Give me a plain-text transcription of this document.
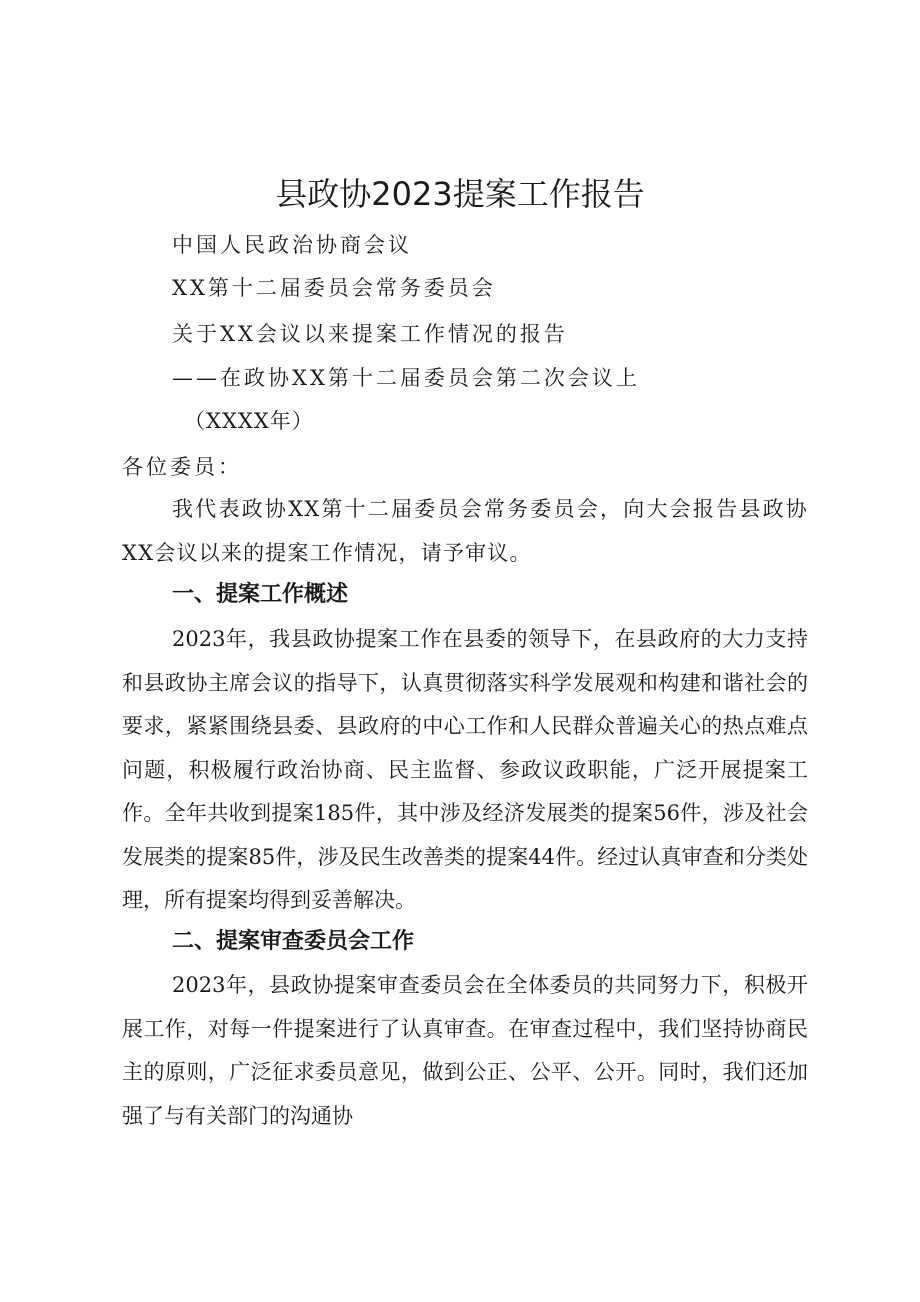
县政协2023提案工作报告

中国人民政治协商会议

XX第十二届委员会常务委员会

关于XX会议以来提案工作情况的报告

——在政协XX第十二届委员会第二次会议上

（XXXX年）

各位委员：

我代表政协XX第十二届委员会常务委员会，向大会报告县政协XX会议以来的提案工作情况，请予审议。

一、提案工作概述

2023年，我县政协提案工作在县委的领导下，在县政府的大力支持和县政协主席会议的指导下，认真贯彻落实科学发展观和构建和谐社会的要求，紧紧围绕县委、县政府的中心工作和人民群众普遍关心的热点难点问题，积极履行政治协商、民主监督、参政议政职能，广泛开展提案工作。全年共收到提案185件，其中涉及经济发展类的提案56件，涉及社会发展类的提案85件，涉及民生改善类的提案44件。经过认真审查和分类处理，所有提案均得到妥善解决。

二、提案审查委员会工作

2023年，县政协提案审查委员会在全体委员的共同努力下，积极开展工作，对每一件提案进行了认真审查。在审查过程中，我们坚持协商民主的原则，广泛征求委员意见，做到公正、公平、公开。同时，我们还加强了与有关部门的沟通协
